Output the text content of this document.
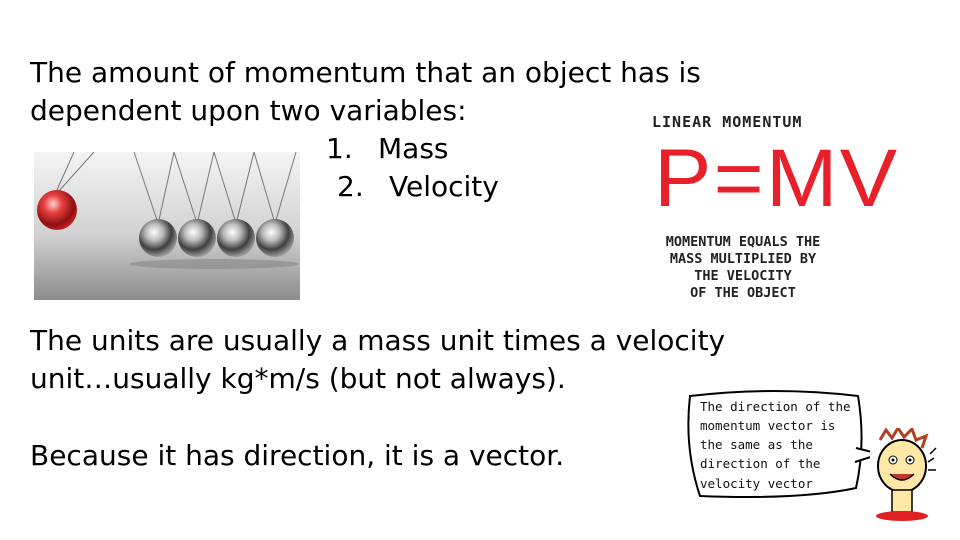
The amount of momentum that an object has is
dependent upon two variables:
1. Mass
2. Velocity
LINEAR MOMENTUM
P=MV
MOMENTUM EQUALS THE
MASS MULTIPLIED BY
THE VELOCITY
OF THE OBJECT
The units are usually a mass unit times a velocity
unit…usually kg*m/s (but not always).
Because it has direction, it is a vector.
The direction of the
momentum vector is
the same as the
direction of the
velocity vector
